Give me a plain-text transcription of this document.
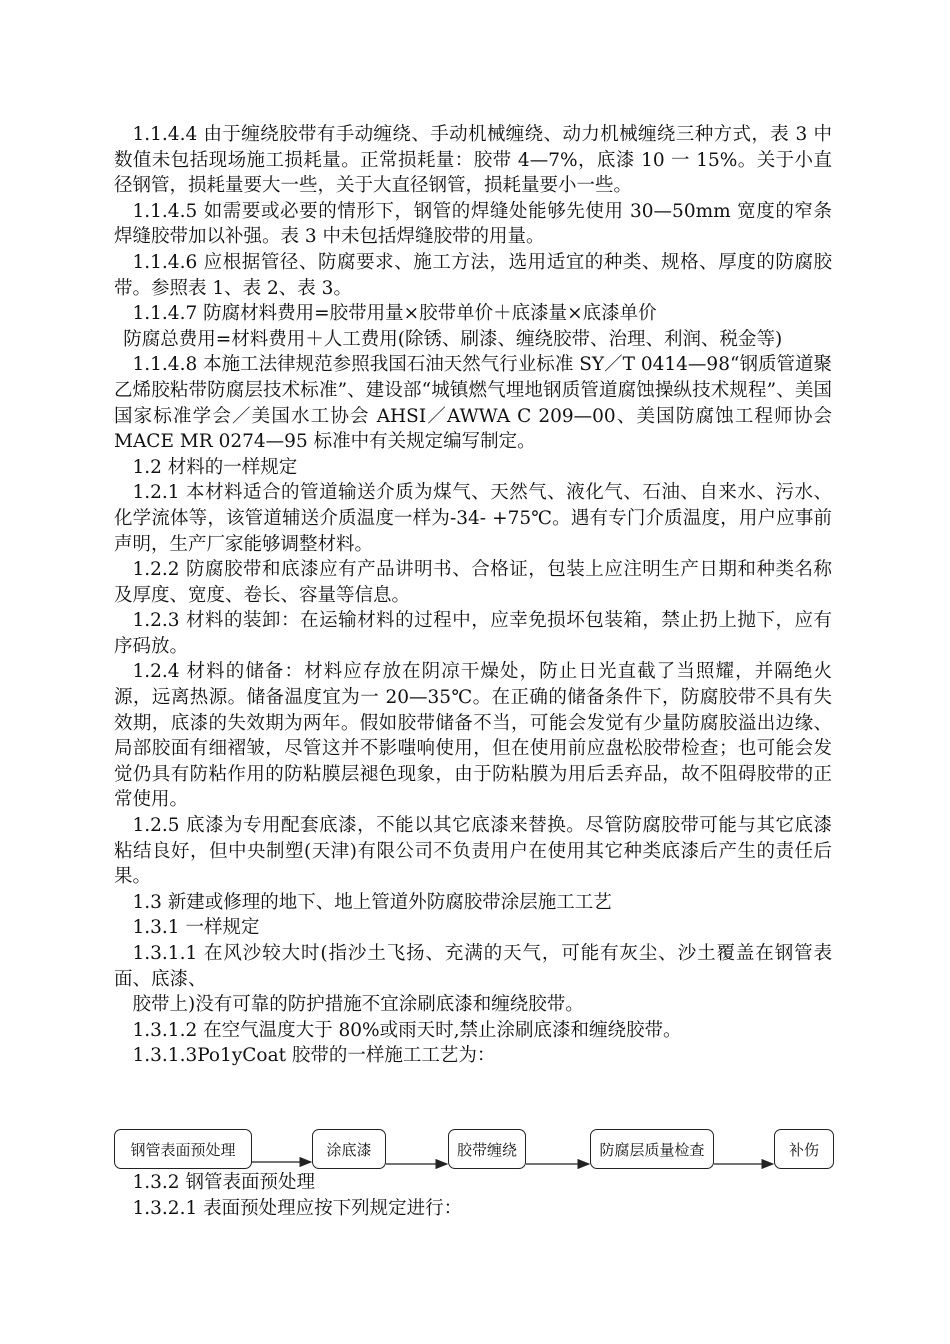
1.1.4.4 由于缠绕胶带有手动缠绕、手动机械缠绕、动力机械缠绕三种方式，表 3 中数值未包括现场施工损耗量。正常损耗量：胶带 4—7%，底漆 10 一 15%。关于小直径钢管，损耗量要大一些，关于大直径钢管，损耗量要小一些。

1.1.4.5 如需要或必要的情形下，钢管的焊缝处能够先使用 30—50mm 宽度的窄条焊缝胶带加以补强。表 3 中未包括焊缝胶带的用量。

1.1.4.6 应根据管径、防腐要求、施工方法，选用适宜的种类、规格、厚度的防腐胶带。参照表 1、表 2、表 3。

1.1.4.7 防腐材料费用=胶带用量×胶带单价＋底漆量×底漆单价

防腐总费用=材料费用＋人工费用(除锈、刷漆、缠绕胶带、治理、利润、税金等)

1.1.4.8 本施工法律规范参照我国石油天然气行业标准 SY／T 0414—98“钢质管道聚乙烯胶粘带防腐层技术标准”、建设部“城镇燃气埋地钢质管道腐蚀操纵技术规程”、美国国家标准学会／美国水工协会 AHSI／AWWA C 209—00、美国防腐蚀工程师协会 MACE MR 0274—95 标准中有关规定编写制定。

1.2 材料的一样规定

1.2.1 本材料适合的管道输送介质为煤气、天然气、液化气、石油、自来水、污水、化学流体等，该管道辅送介质温度一样为-34- +75℃。遇有专门介质温度，用户应事前声明，生产厂家能够调整材料。

1.2.2 防腐胶带和底漆应有产品讲明书、合格证，包装上应注明生产日期和种类名称及厚度、宽度、卷长、容量等信息。

1.2.3 材料的装卸：在运输材料的过程中，应幸免损坏包装箱，禁止扔上抛下，应有序码放。

1.2.4 材料的储备：材料应存放在阴凉干燥处，防止日光直截了当照耀，并隔绝火源，远离热源。储备温度宜为一 20—35℃。在正确的储备条件下，防腐胶带不具有失效期，底漆的失效期为两年。假如胶带储备不当，可能会发觉有少量防腐胶溢出边缘、局部胶面有细褶皱，尽管这并不影嗤响使用，但在使用前应盘松胶带检查；也可能会发觉仍具有防粘作用的防粘膜层褪色现象，由于防粘膜为用后丢弃品，故不阻碍胶带的正常使用。

1.2.5 底漆为专用配套底漆，不能以其它底漆来替换。尽管防腐胶带可能与其它底漆粘结良好，但中央制塑(天津)有限公司不负责用户在使用其它种类底漆后产生的责任后果。

1.3 新建或修理的地下、地上管道外防腐胶带涂层施工工艺

1.3.1 一样规定

1.3.1.1 在风沙较大时(指沙土飞扬、充满的天气，可能有灰尘、沙土覆盖在钢管表面、底漆、

胶带上)没有可靠的防护措施不宜涂刷底漆和缠绕胶带。

1.3.1.2 在空气温度大于 80%或雨天时,禁止涂刷底漆和缠绕胶带。

1.3.1.3Po1yCoat 胶带的一样施工工艺为：

钢管表面预处理	涂底漆	胶带缠绕	防腐层质量检查	补伤

1.3.2 钢管表面预处理

1.3.2.1 表面预处理应按下列规定进行：
